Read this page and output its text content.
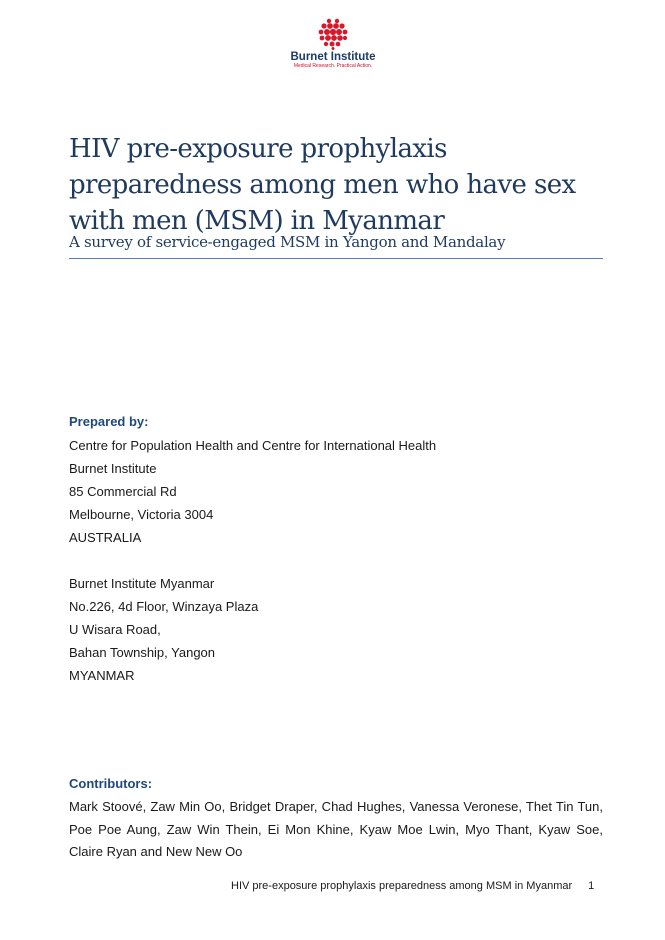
Burnet Institute
Medical Research. Practical Action.
HIV pre-exposure prophylaxis
preparedness among men who have sex
with men (MSM) in Myanmar
A survey of service-engaged MSM in Yangon and Mandalay
Prepared by:
Centre for Population Health and Centre for International Health
Burnet Institute
85 Commercial Rd
Melbourne, Victoria 3004
AUSTRALIA
Burnet Institute Myanmar
No.226, 4d Floor, Winzaya Plaza
U Wisara Road,
Bahan Township, Yangon
MYANMAR
Contributors:
Mark Stoové, Zaw Min Oo, Bridget Draper, Chad Hughes, Vanessa Veronese, Thet Tin Tun, Poe Poe Aung, Zaw Win Thein, Ei Mon Khine, Kyaw Moe Lwin, Myo Thant, Kyaw Soe, Claire Ryan and New New Oo
HIV pre-exposure prophylaxis preparedness among MSM in Myanmar 1
